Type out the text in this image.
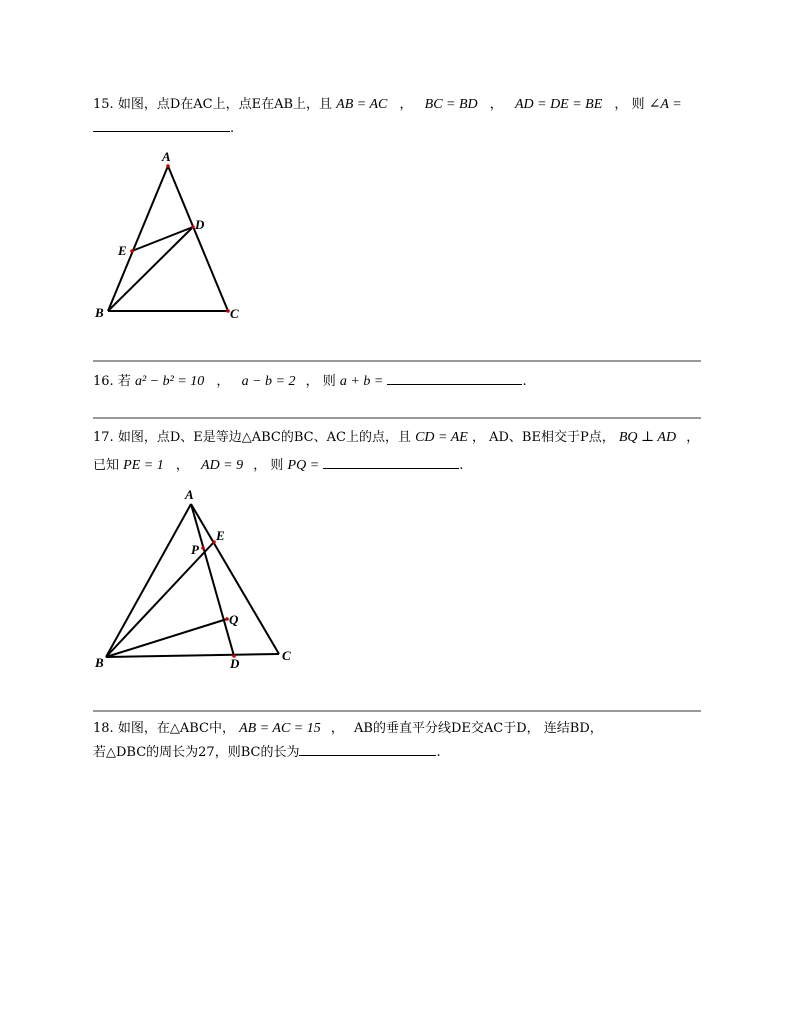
15. 如图，点D在AC上，点E在AB上，且 AB = AC ， BC = BD ， AD = DE = BE ， 则 ∠A =
.
A
D
E
B	C
A
E
P
Q
B	D
C
16. 若 a² − b² = 10 ， a − b = 2 ， 则 a + b =	.
17. 如图，点D、E是等边△ABC的BC、AC上的点，且 CD = AE ， AD、BE相交于P点， BQ ⊥ AD ，
已知 PE = 1 ， AD = 9 ， 则 PQ =	.
18. 如图，在△ABC中， AB = AC = 15 ， AB的垂直平分线DE交AC于D， 连结BD，
若△DBC的周长为27，则BC的长为	.
